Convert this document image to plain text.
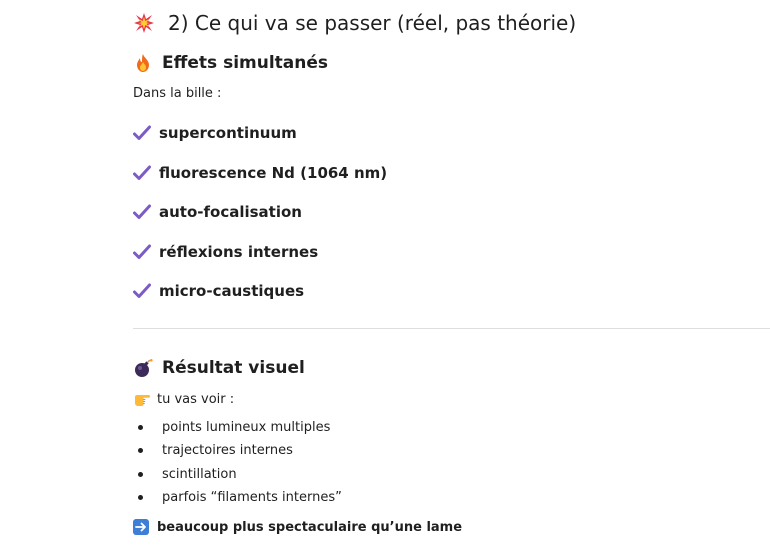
2) Ce qui va se passer (réel, pas théorie)
Effets simultanés
Dans la bille :
supercontinuum
fluorescence Nd (1064 nm)
auto-focalisation
réflexions internes
micro-caustiques
Résultat visuel
tu vas voir :
points lumineux multiples
trajectoires internes
scintillation
parfois “filaments internes”
beaucoup plus spectaculaire qu’une lame
